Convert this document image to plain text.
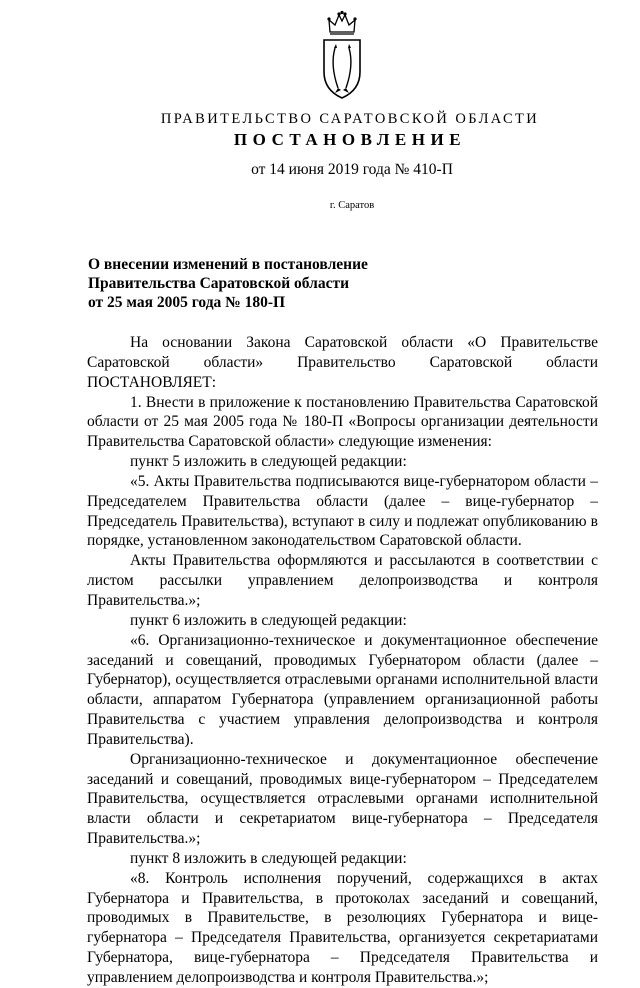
ПРАВИТЕЛЬСТВО САРАТОВСКОЙ ОБЛАСТИ
ПОСТАНОВЛЕНИЕ
от 14 июня 2019 года № 410-П
г. Саратов
О внесении изменений в постановление
Правительства Саратовской области
от 25 мая 2005 года № 180-П

На основании Закона Саратовской области «О Правительстве Саратовской области» Правительство Саратовской области ПОСТАНОВЛЯЕТ:

1. Внести в приложение к постановлению Правительства Саратовской области от 25 мая 2005 года № 180-П «Вопросы организации деятельности Правительства Саратовской области» следующие изменения:

пункт 5 изложить в следующей редакции:

«5. Акты Правительства подписываются вице-губернатором области – Председателем Правительства области (далее – вице-губернатор – Председатель Правительства), вступают в силу и подлежат опубликованию в порядке, установленном законодательством Саратовской области.

Акты Правительства оформляются и рассылаются в соответствии с листом рассылки управлением делопроизводства и контроля Правительства.»;

пункт 6 изложить в следующей редакции:

«6. Организационно-техническое и документационное обеспечение заседаний и совещаний, проводимых Губернатором области (далее – Губернатор), осуществляется отраслевыми органами исполнительной власти области, аппаратом Губернатора (управлением организационной работы Правительства с участием управления делопроизводства и контроля Правительства).

Организационно-техническое и документационное обеспечение заседаний и совещаний, проводимых вице-губернатором – Председателем Правительства, осуществляется отраслевыми органами исполнительной власти области и секретариатом вице-губернатора – Председателя Правительства.»;

пункт 8 изложить в следующей редакции:

«8. Контроль исполнения поручений, содержащихся в актах Губернатора и Правительства, в протоколах заседаний и совещаний, проводимых в Правительстве, в резолюциях Губернатора и вице-губернатора – Председателя Правительства, организуется секретариатами Губернатора, вице-губернатора – Председателя Правительства и управлением делопроизводства и контроля Правительства.»;
